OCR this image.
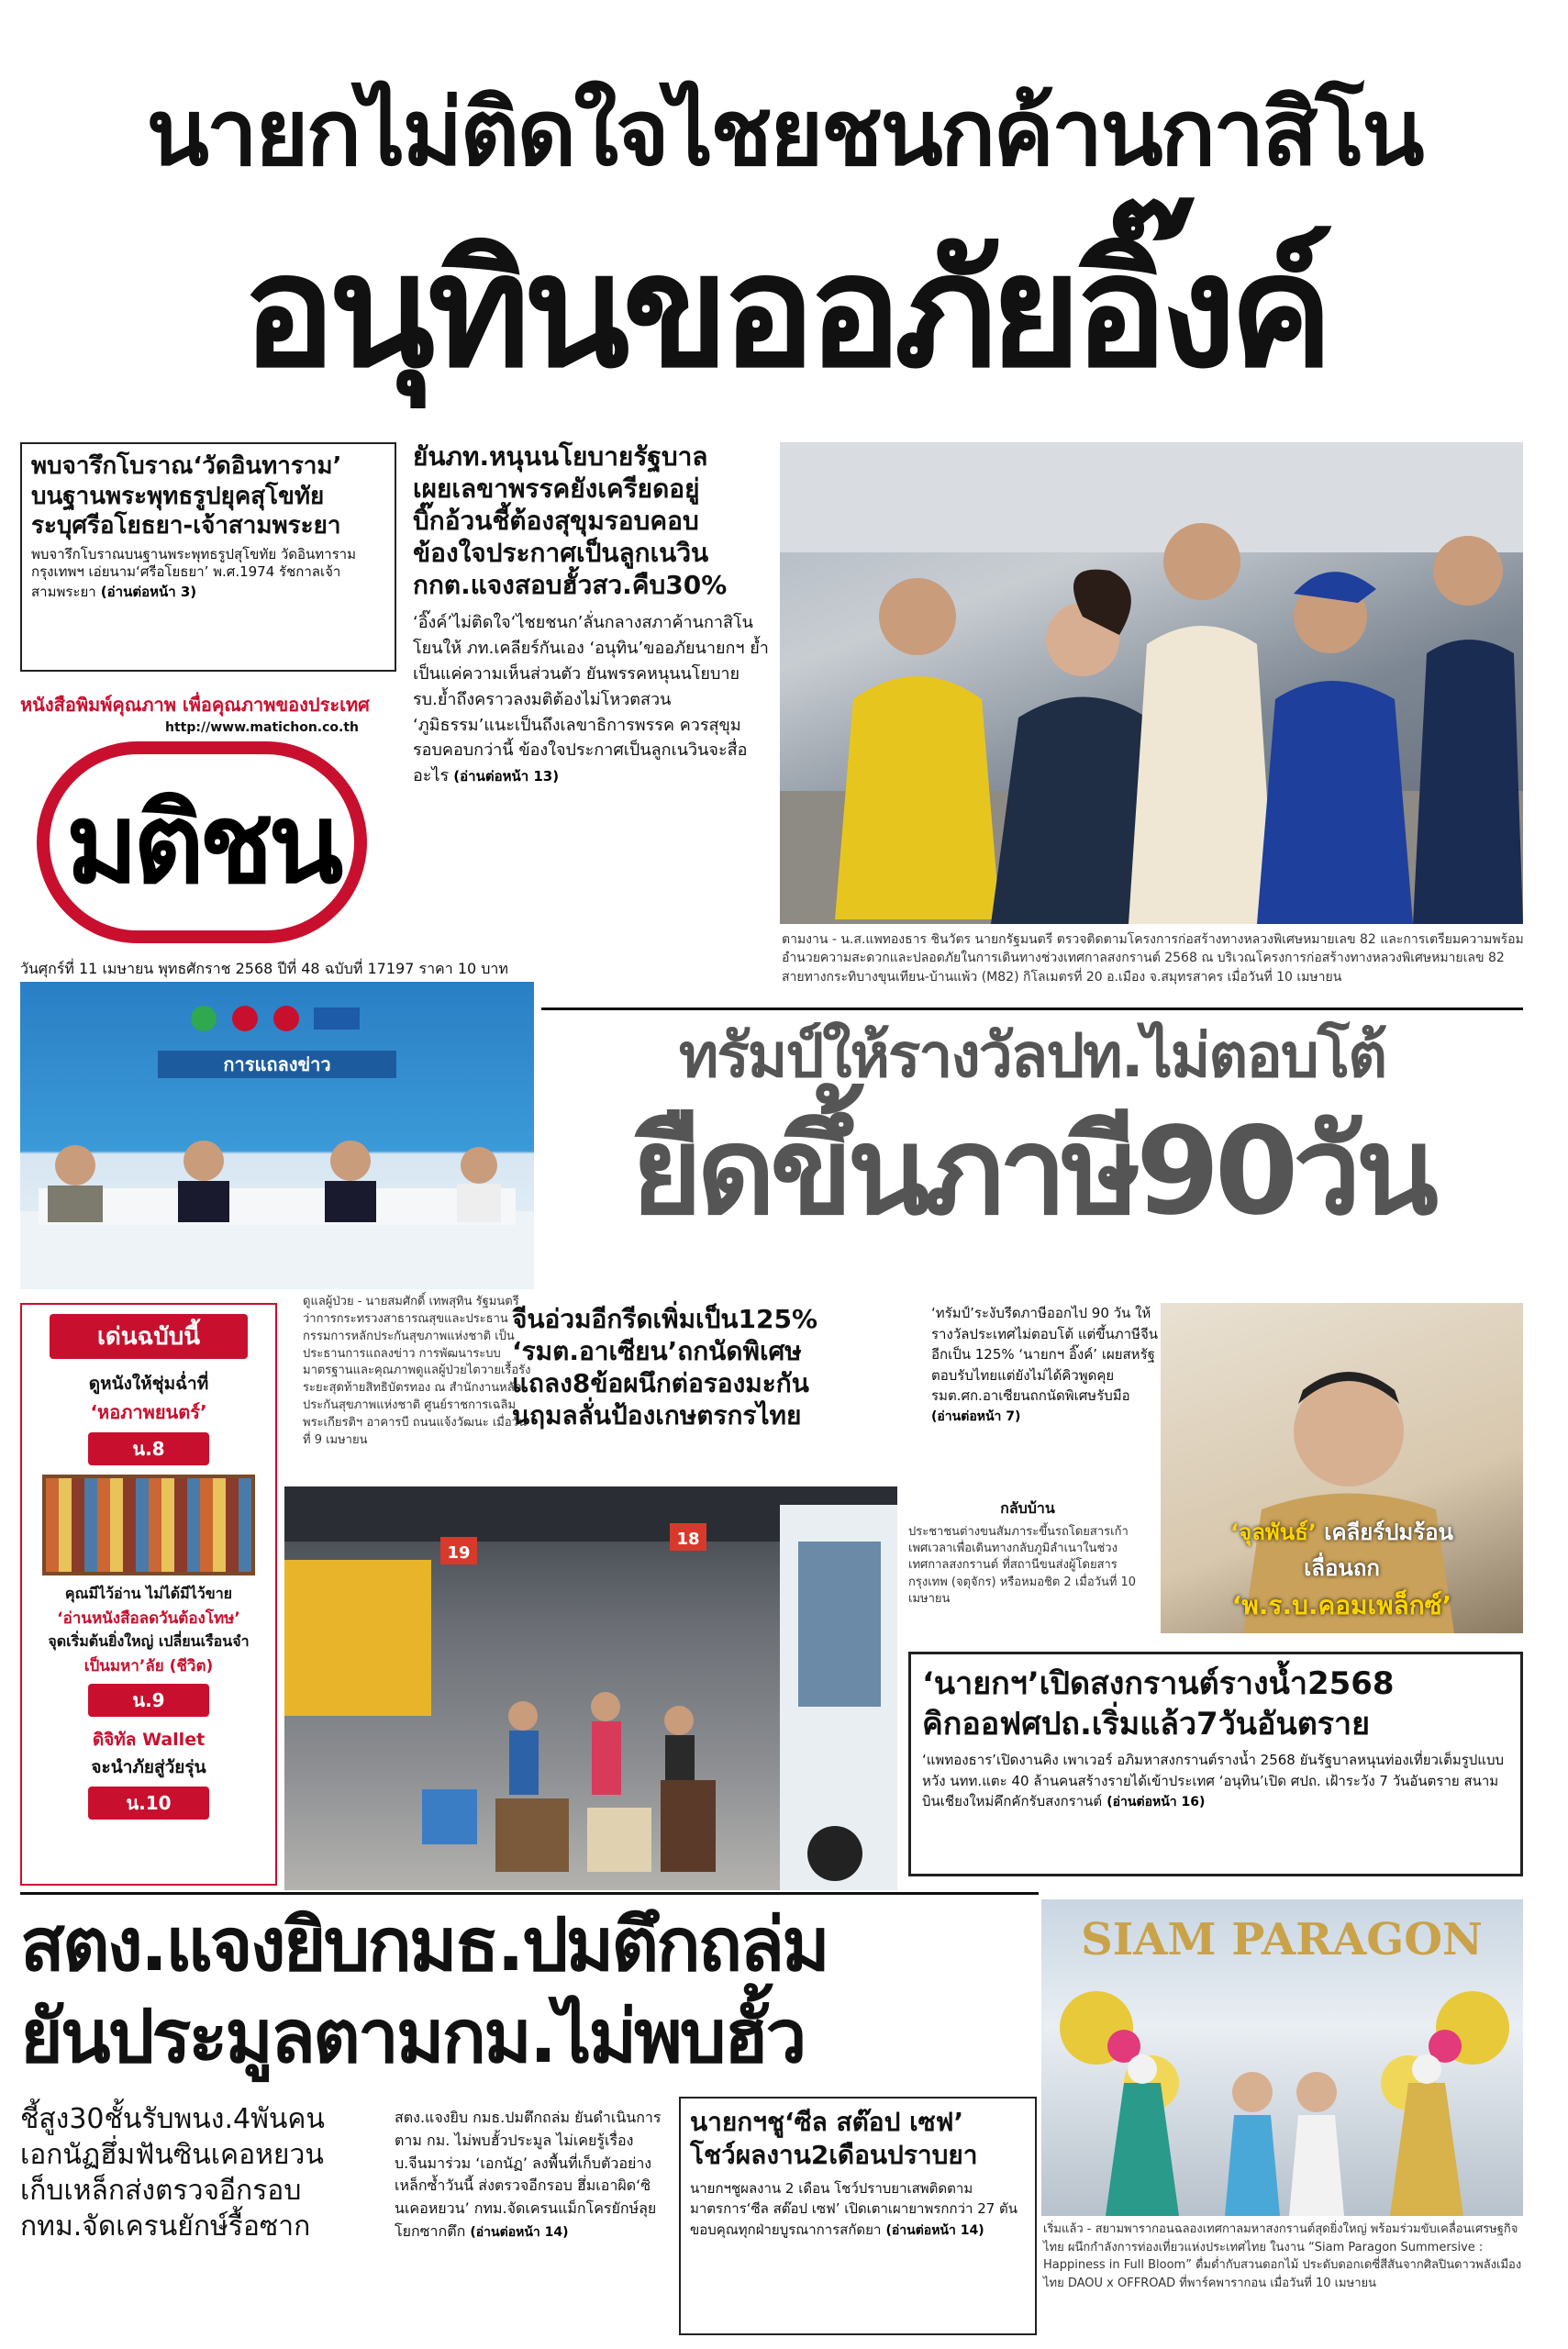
นายกไม่ติดใจไชยชนกค้านกาสิโน
อนุทินขออภัยอิ๊งค์
พบจารึกโบราณ‘วัดอินทาราม’
บนฐานพระพุทธรูปยุคสุโขทัย
ระบุศรีอโยธยา-เจ้าสามพระยา
พบจารึกโบราณบนฐานพระพุทธรูปสุโขทัย วัดอินทาราม กรุงเทพฯ เอ่ยนาม‘ศรีอโยธยา’ พ.ศ.1974 รัชกาลเจ้าสามพระยา (อ่านต่อหน้า 3)
หนังสือพิมพ์คุณภาพ เพื่อคุณภาพของประเทศ
http://www.matichon.co.th
มติชน
วันศุกร์ที่ 11 เมษายน พุทธศักราช 2568 ปีที่ 48 ฉบับที่ 17197 ราคา 10 บาท
ยันภท.หนุนนโยบายรัฐบาล
เผยเลขาพรรคยังเครียดอยู่
บิ๊กอ้วนชี้ต้องสุขุมรอบคอบ
ข้องใจประกาศเป็นลูกเนวิน
กกต.แจงสอบฮั้วสว.คืบ30%
‘อิ๊งค์’ไม่ติดใจ‘ไชยชนก’ลั่นกลางสภาค้านกาสิโน โยนให้ ภท.เคลียร์กันเอง ‘อนุทิน’ขออภัยนายกฯ ย้ำเป็นแค่ความเห็นส่วนตัว ยันพรรคหนุนนโยบาย รบ.ย้ำถึงคราวลงมติต้องไม่โหวตสวน ‘ภูมิธรรม’แนะเป็นถึงเลขาธิการพรรค ควรสุขุมรอบคอบกว่านี้ ข้องใจประกาศเป็นลูกเนวินจะสื่ออะไร (อ่านต่อหน้า 13)
ตามงาน - น.ส.แพทองธาร ชินวัตร นายกรัฐมนตรี ตรวจติดตามโครงการก่อสร้างทางหลวงพิเศษหมายเลข 82 และการเตรียมความพร้อมอำนวยความสะดวกและปลอดภัยในการเดินทางช่วงเทศกาลสงกรานต์ 2568 ณ บริเวณโครงการก่อสร้างทางหลวงพิเศษหมายเลข 82 สายทางกระทิบางขุนเทียน-บ้านแพ้ว (M82) กิโลเมตรที่ 20 อ.เมือง จ.สมุทรสาคร เมื่อวันที่ 10 เมษายน
การแถลงข่าว
ดูแลผู้ป่วย - นายสมศักดิ์ เทพสุทิน รัฐมนตรีว่าการกระทรวงสาธารณสุขและประธานกรรมการหลักประกันสุขภาพแห่งชาติ เป็นประธานการแถลงข่าว การพัฒนาระบบมาตรฐานและคุณภาพดูแลผู้ป่วยไตวายเรื้อรังระยะสุดท้ายสิทธิบัตรทอง ณ สำนักงานหลักประกันสุขภาพแห่งชาติ ศูนย์ราชการเฉลิมพระเกียรติฯ อาคารบี ถนนแจ้งวัฒนะ เมื่อวันที่ 9 เมษายน
ทรัมป์ให้รางวัลปท.ไม่ตอบโต้
ยืดขึ้นภาษี90วัน
จีนอ่วมอีกรีดเพิ่มเป็น125%
‘รมต.อาเซียน’ถกนัดพิเศษ
แถลง8ข้อผนึกต่อรองมะกัน
นฤมลลั่นป้องเกษตรกรไทย
‘ทรัมป์’ระงับรีดภาษีออกไป 90 วัน ให้รางวัลประเทศไม่ตอบโต้ แต่ขึ้นภาษีจีนอีกเป็น 125% ‘นายกฯ อิ๊งค์’ เผยสหรัฐตอบรับไทยแต่ยังไม่ได้คิวพูดคุย รมต.ศก.อาเซียนถกนัดพิเศษรับมือ (อ่านต่อหน้า 7)
เด่นฉบับนี้
ดูหนังให้ชุ่มฉ่ำที่
‘หอภาพยนตร์’
น.8
คุณมีไว้อ่าน ไม่ได้มีไว้ขาย
‘อ่านหนังสือลดวันต้องโทษ’
จุดเริ่มต้นยิ่งใหญ่ เปลี่ยนเรือนจำ
เป็นมหา’ลัย (ชีวิต)
น.9
ดิจิทัล Wallet
จะนำภัยสู่วัยรุ่น
น.10
19
18
กลับบ้าน
ประชาชนต่างขนสัมภาระขึ้นรถโดยสารเก้าเพศเวลาเพื่อเดินทางกลับภูมิลำเนาในช่วงเทศกาลสงกรานต์ ที่สถานีขนส่งผู้โดยสารกรุงเทพ (จตุจักร) หรือหมอชิต 2 เมื่อวันที่ 10 เมษายน
‘จุลพันธ์’ เคลียร์ปมร้อน
เลื่อนถก
‘พ.ร.บ.คอมเพล็กซ์’
‘นายกฯ’เปิดสงกรานต์รางน้ำ2568
คิกออฟศปถ.เริ่มแล้ว7วันอันตราย
‘แพทองธาร’เปิดงานคิง เพาเวอร์ อภิมหาสงกรานต์รางน้ำ 2568 ยันรัฐบาลหนุนท่องเที่ยวเต็มรูปแบบ หวัง นทท.แตะ 40 ล้านคนสร้างรายได้เข้าประเทศ ‘อนุทิน’เปิด ศปถ. เฝ้าระวัง 7 วันอันตราย สนามบินเชียงใหม่คึกคักรับสงกรานต์ (อ่านต่อหน้า 16)
สตง.แจงยิบกมธ.ปมตึกถล่ม
ยันประมูลตามกม.ไม่พบฮั้ว
ชี้สูง30ชั้นรับพนง.4พันคน
เอกนัฏฮึ่มฟันซินเคอหยวน
เก็บเหล็กส่งตรวจอีกรอบ
กทม.จัดเครนยักษ์รื้อซาก
สตง.แจงยิบ กมธ.ปมตึกถล่ม ยันดำเนินการตาม กม. ไม่พบฮั้วประมูล ไม่เคยรู้เรื่อง บ.จีนมาร่วม ‘เอกนัฏ’ ลงพื้นที่เก็บตัวอย่างเหล็กซ้ำวันนี้ ส่งตรวจอีกรอบ ฮึ่มเอาผิด‘ซินเคอหยวน’ กทม.จัดเครนแม็กโครยักษ์ลุยโยกซากตึก (อ่านต่อหน้า 14)
นายกฯชู‘ซีล สต๊อป เซฟ’
โชว์ผลงาน2เดือนปราบยา
นายกฯชูผลงาน 2 เดือน โชว์ปราบยาเสพติดตามมาตรการ‘ซีล สต๊อป เซฟ’ เปิดเตาเผายาพรกกว่า 27 ตัน ขอบคุณทุกฝ่ายบูรณาการสกัดยา (อ่านต่อหน้า 14)
SIAM PARAGON
เริ่มแล้ว - สยามพารากอนฉลองเทศกาลมหาสงกรานต์สุดยิ่งใหญ่ พร้อมร่วมขับเคลื่อนเศรษฐกิจไทย ผนึกกำลังการท่องเที่ยวแห่งประเทศไทย ในงาน “Siam Paragon Summersive : Happiness in Full Bloom” ดื่มด่ำกับสวนดอกไม้ ประดับดอกเดซี่สีสันจากศิลปินดาวพลังเมืองไทย DAOU x OFFROAD ที่พาร์คพารากอน เมื่อวันที่ 10 เมษายน
